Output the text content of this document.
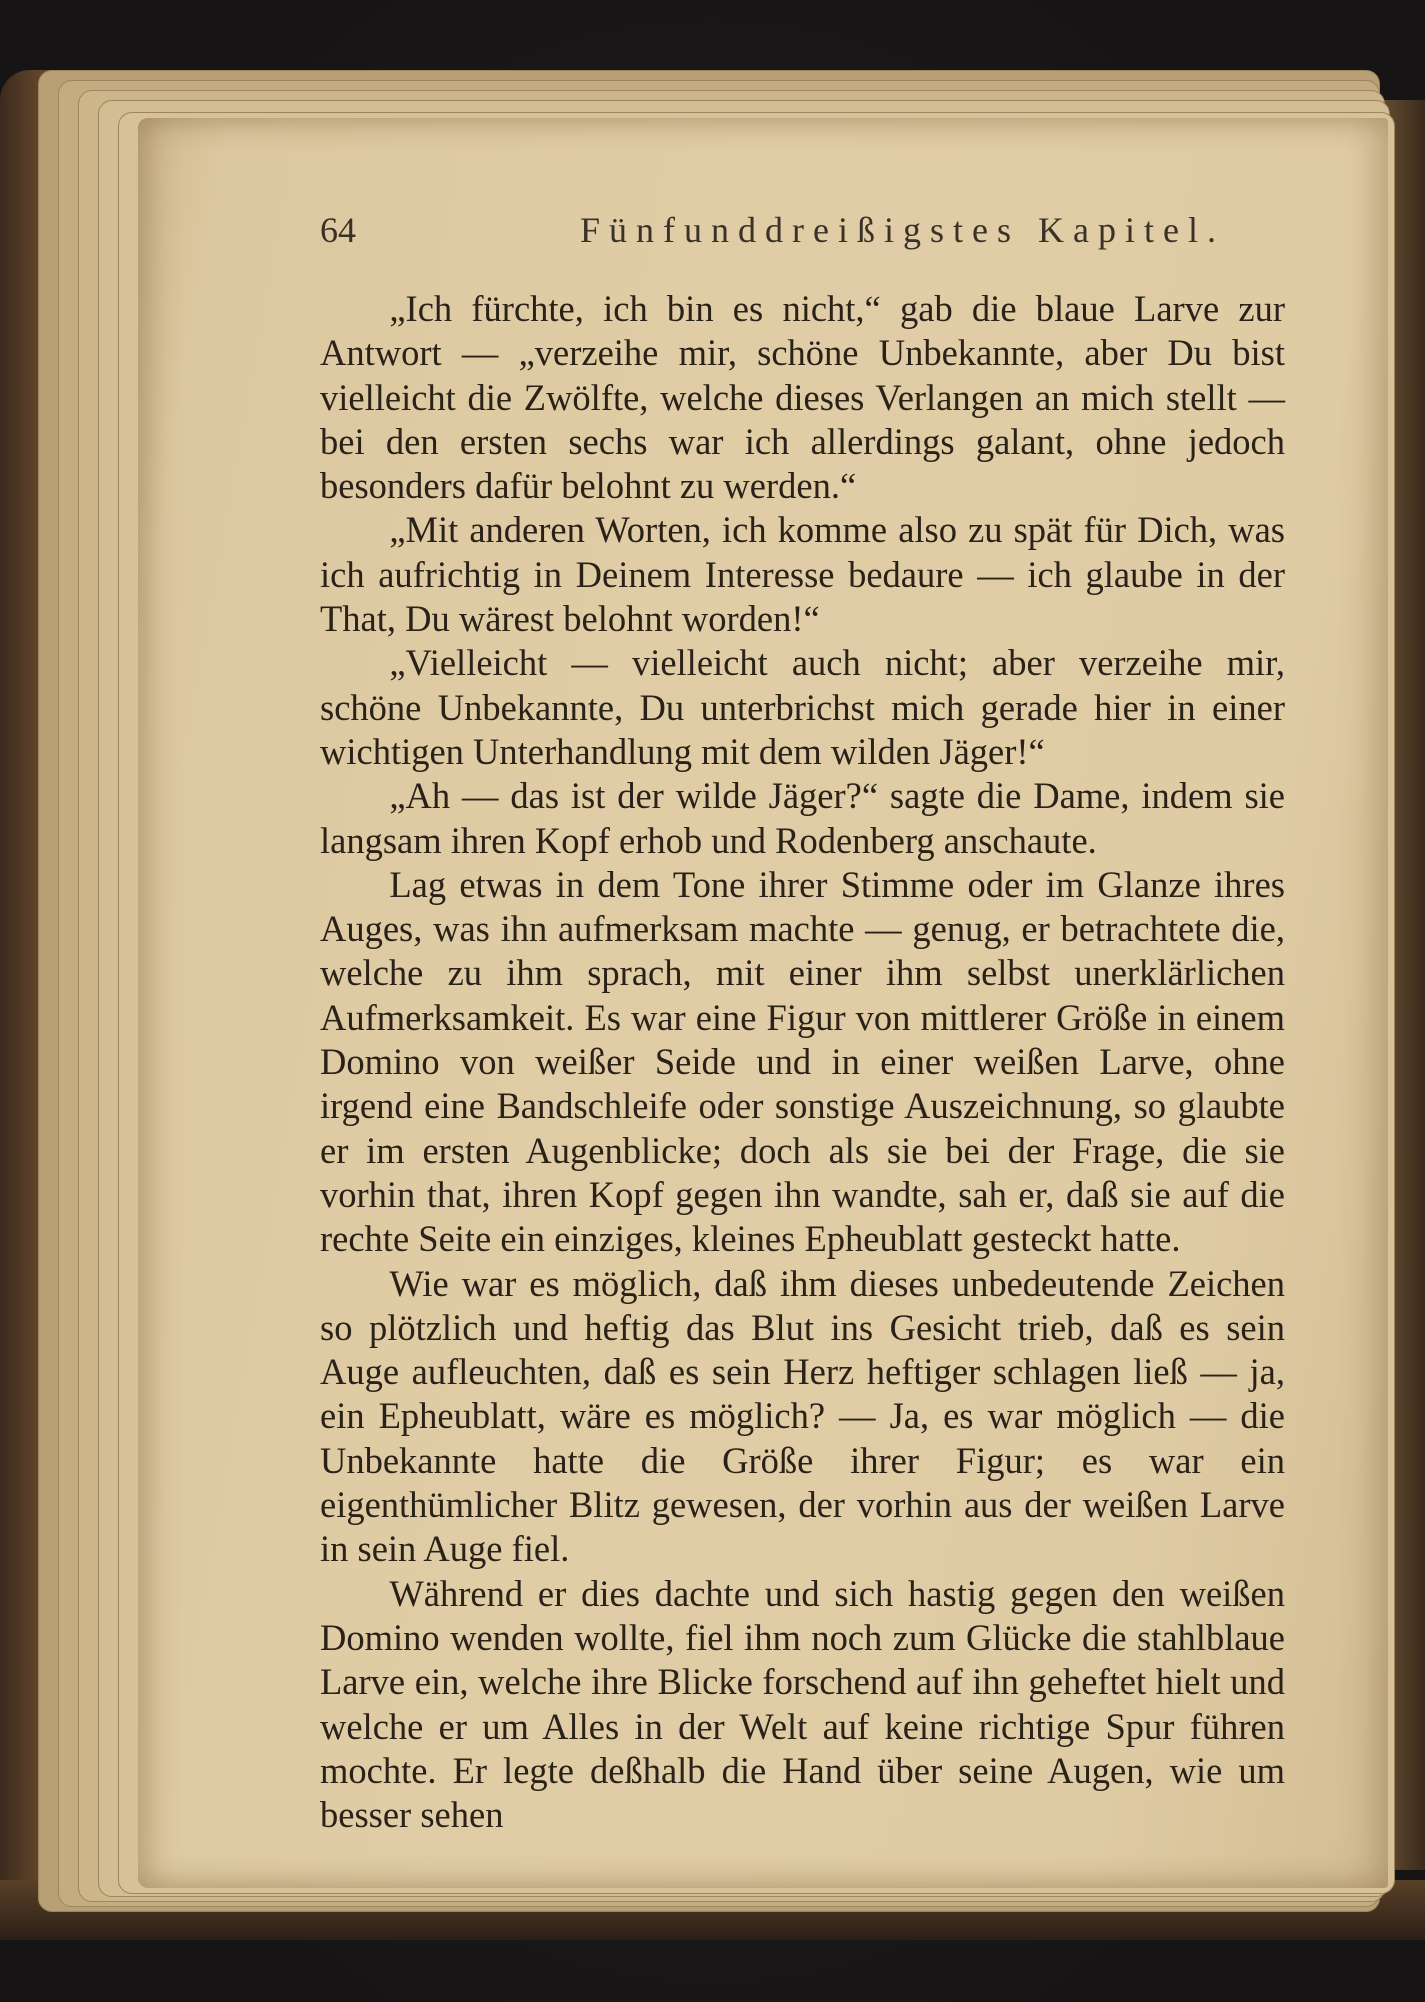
64	Fünfunddreißigstes Kapitel.

„Ich fürchte, ich bin es nicht,“ gab die blaue Larve zur Antwort — „verzeihe mir, schöne Unbekannte, aber Du bist vielleicht die Zwölfte, welche dieses Verlangen an mich stellt — bei den ersten sechs war ich allerdings galant, ohne jedoch besonders dafür belohnt zu werden.“

„Mit anderen Worten, ich komme also zu spät für Dich, was ich aufrichtig in Deinem Interesse bedaure — ich glaube in der That, Du wärest belohnt worden!“

„Vielleicht — vielleicht auch nicht; aber verzeihe mir, schöne Unbekannte, Du unterbrichst mich gerade hier in einer wichtigen Unterhandlung mit dem wilden Jäger!“

„Ah — das ist der wilde Jäger?“ sagte die Dame, indem sie langsam ihren Kopf erhob und Rodenberg anschaute.

Lag etwas in dem Tone ihrer Stimme oder im Glanze ihres Auges, was ihn aufmerksam machte — genug, er betrachtete die, welche zu ihm sprach, mit einer ihm selbst unerklärlichen Aufmerksamkeit. Es war eine Figur von mittlerer Größe in einem Domino von weißer Seide und in einer weißen Larve, ohne irgend eine Bandschleife oder sonstige Auszeichnung, so glaubte er im ersten Augenblicke; doch als sie bei der Frage, die sie vorhin that, ihren Kopf gegen ihn wandte, sah er, daß sie auf die rechte Seite ein einziges, kleines Epheublatt gesteckt hatte.

Wie war es möglich, daß ihm dieses unbedeutende Zeichen so plötzlich und heftig das Blut ins Gesicht trieb, daß es sein Auge aufleuchten, daß es sein Herz heftiger schlagen ließ — ja, ein Epheublatt, wäre es möglich? — Ja, es war möglich — die Unbekannte hatte die Größe ihrer Figur; es war ein eigenthümlicher Blitz gewesen, der vorhin aus der weißen Larve in sein Auge fiel.

Während er dies dachte und sich hastig gegen den weißen Domino wenden wollte, fiel ihm noch zum Glücke die stahlblaue Larve ein, welche ihre Blicke forschend auf ihn geheftet hielt und welche er um Alles in der Welt auf keine richtige Spur führen mochte. Er legte deßhalb die Hand über seine Augen, wie um besser sehen
